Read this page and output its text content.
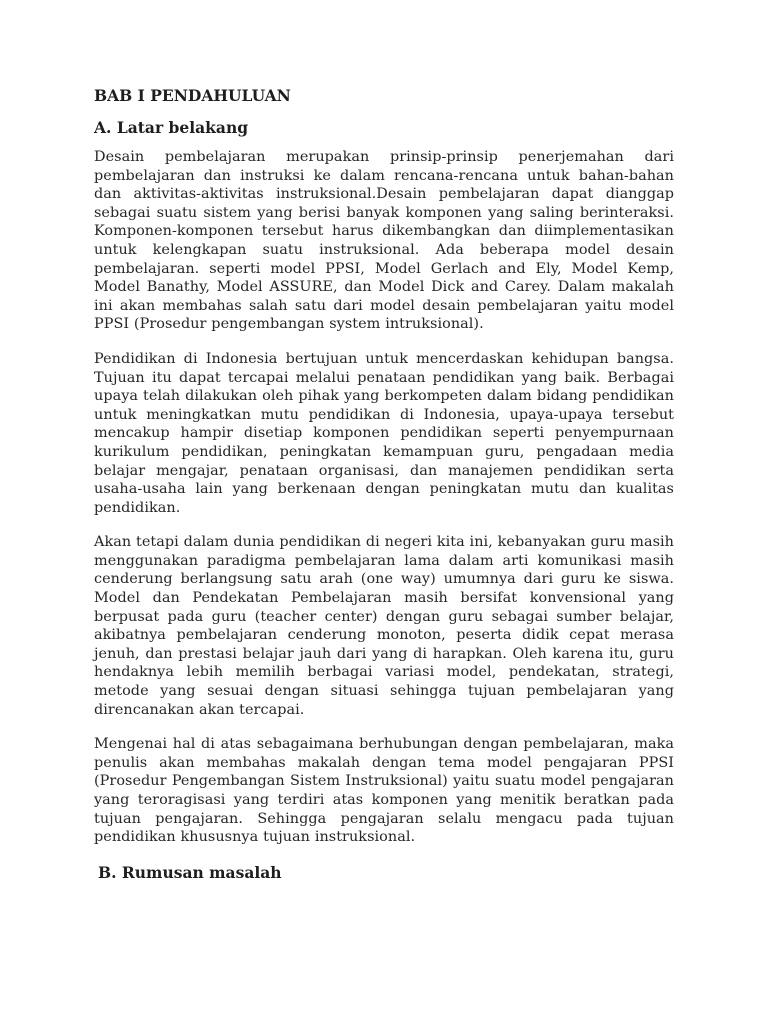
BAB I PENDAHULUAN
A. Latar belakang

Desain pembelajaran merupakan prinsip-prinsip penerjemahan dari pembelajaran dan instruksi ke dalam rencana-rencana untuk bahan-bahan dan aktivitas-aktivitas instruksional.Desain pembelajaran dapat dianggap sebagai suatu sistem yang berisi banyak komponen yang saling berinteraksi. Komponen-komponen tersebut harus dikembangkan dan diimplementasikan untuk kelengkapan suatu instruksional. Ada beberapa model desain pembelajaran. seperti model PPSI, Model Gerlach and Ely, Model Kemp, Model Banathy, Model ASSURE, dan Model Dick and Carey. Dalam makalah ini akan membahas salah satu dari model desain pembelajaran yaitu model PPSI (Prosedur pengembangan system intruksional).

Pendidikan di Indonesia bertujuan untuk mencerdaskan kehidupan bangsa. Tujuan itu dapat tercapai melalui penataan pendidikan yang baik. Berbagai upaya telah dilakukan oleh pihak yang berkompeten dalam bidang pendidikan untuk meningkatkan mutu pendidikan di Indonesia, upaya-upaya tersebut mencakup hampir disetiap komponen pendidikan seperti penyempurnaan kurikulum pendidikan, peningkatan kemampuan guru, pengadaan media belajar mengajar, penataan organisasi, dan manajemen pendidikan serta usaha-usaha lain yang berkenaan dengan peningkatan mutu dan kualitas pendidikan.

Akan tetapi dalam dunia pendidikan di negeri kita ini, kebanyakan guru masih menggunakan paradigma pembelajaran lama dalam arti komunikasi masih cenderung berlangsung satu arah (one way) umumnya dari guru ke siswa. Model dan Pendekatan Pembelajaran masih bersifat konvensional yang berpusat pada guru (teacher center) dengan guru sebagai sumber belajar, akibatnya pembelajaran cenderung monoton, peserta didik cepat merasa jenuh, dan prestasi belajar jauh dari yang di harapkan. Oleh karena itu, guru hendaknya lebih memilih berbagai variasi model, pendekatan, strategi, metode yang sesuai dengan situasi sehingga tujuan pembelajaran yang direncanakan akan tercapai.

Mengenai hal di atas sebagaimana berhubungan dengan pembelajaran, maka penulis akan membahas makalah dengan tema model pengajaran PPSI (Prosedur Pengembangan Sistem Instruksional) yaitu suatu model pengajaran yang teroragisasi yang terdiri atas komponen yang menitik beratkan pada tujuan pengajaran. Sehingga pengajaran selalu mengacu pada tujuan pendidikan khususnya tujuan instruksional.

B. Rumusan masalah
